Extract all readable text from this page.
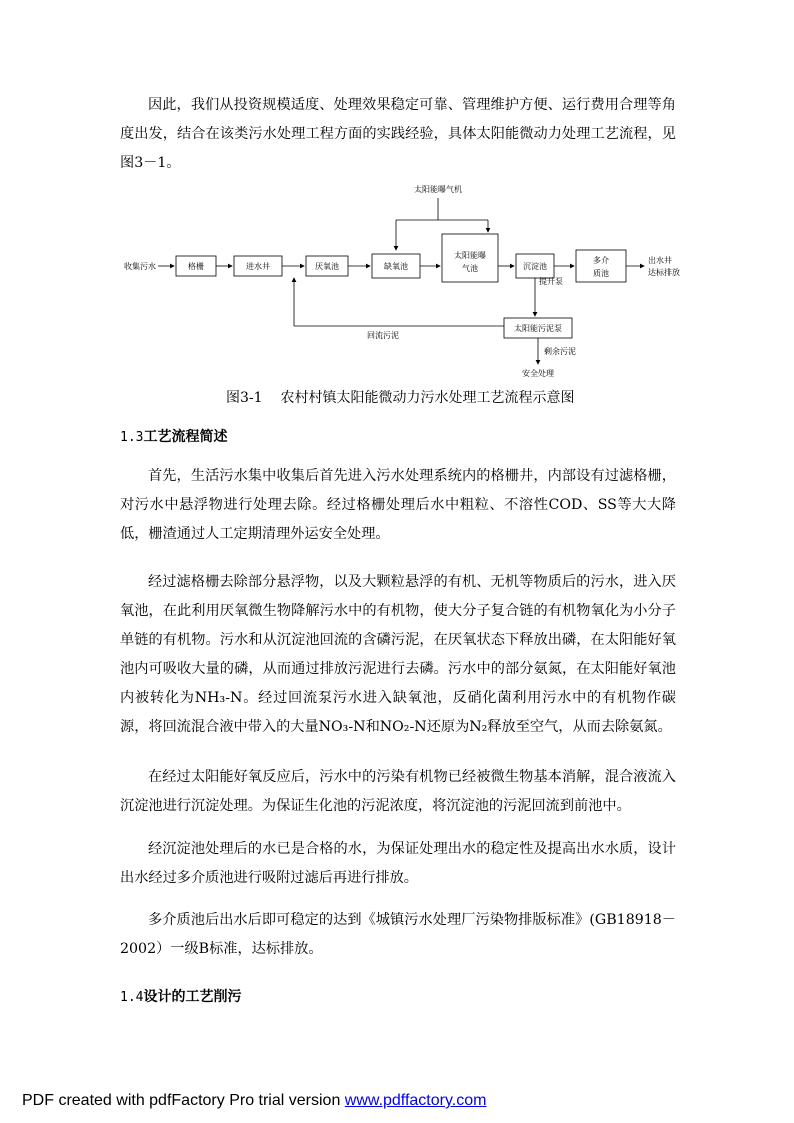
因此，我们从投资规模适度、处理效果稳定可靠、管理维护方便、运行费用合理等角度出发，结合在该类污水处理工程方面的实践经验，具体太阳能微动力处理工艺流程，见图3－1。

太阳能曝气机
收集污水	格栅	进水井	厌氧池	缺氧池
太阳能曝
气池	沉淀池
多介
质池
出水井
达标排放
提升泵
太阳能污泥泵
回流污泥
剩余污泥
安全处理

图3-1 农村村镇太阳能微动力污水处理工艺流程示意图

1.3工艺流程简述

首先，生活污水集中收集后首先进入污水处理系统内的格栅井，内部设有过滤格栅，对污水中悬浮物进行处理去除。经过格栅处理后水中粗粒、不溶性COD、SS等大大降低，栅渣通过人工定期清理外运安全处理。

经过滤格栅去除部分悬浮物，以及大颗粒悬浮的有机、无机等物质后的污水，进入厌氧池，在此利用厌氧微生物降解污水中的有机物，使大分子复合链的有机物氧化为小分子单链的有机物。污水和从沉淀池回流的含磷污泥，在厌氧状态下释放出磷，在太阳能好氧池内可吸收大量的磷，从而通过排放污泥进行去磷。污水中的部分氨氮，在太阳能好氧池内被转化为NH₃-N。经过回流泵污水进入缺氧池，反硝化菌利用污水中的有机物作碳源，将回流混合液中带入的大量NO₃-N和NO₂-N还原为N₂释放至空气，从而去除氨氮。

在经过太阳能好氧反应后，污水中的污染有机物已经被微生物基本消解，混合液流入沉淀池进行沉淀处理。为保证生化池的污泥浓度，将沉淀池的污泥回流到前池中。

经沉淀池处理后的水已是合格的水，为保证处理出水的稳定性及提高出水水质，设计出水经过多介质池进行吸附过滤后再进行排放。

多介质池后出水后即可稳定的达到《城镇污水处理厂污染物排版标准》(GB18918－2002）一级B标准，达标排放。

1.4设计的工艺削污

PDF created with pdfFactory Pro trial version www.pdffactory.com
